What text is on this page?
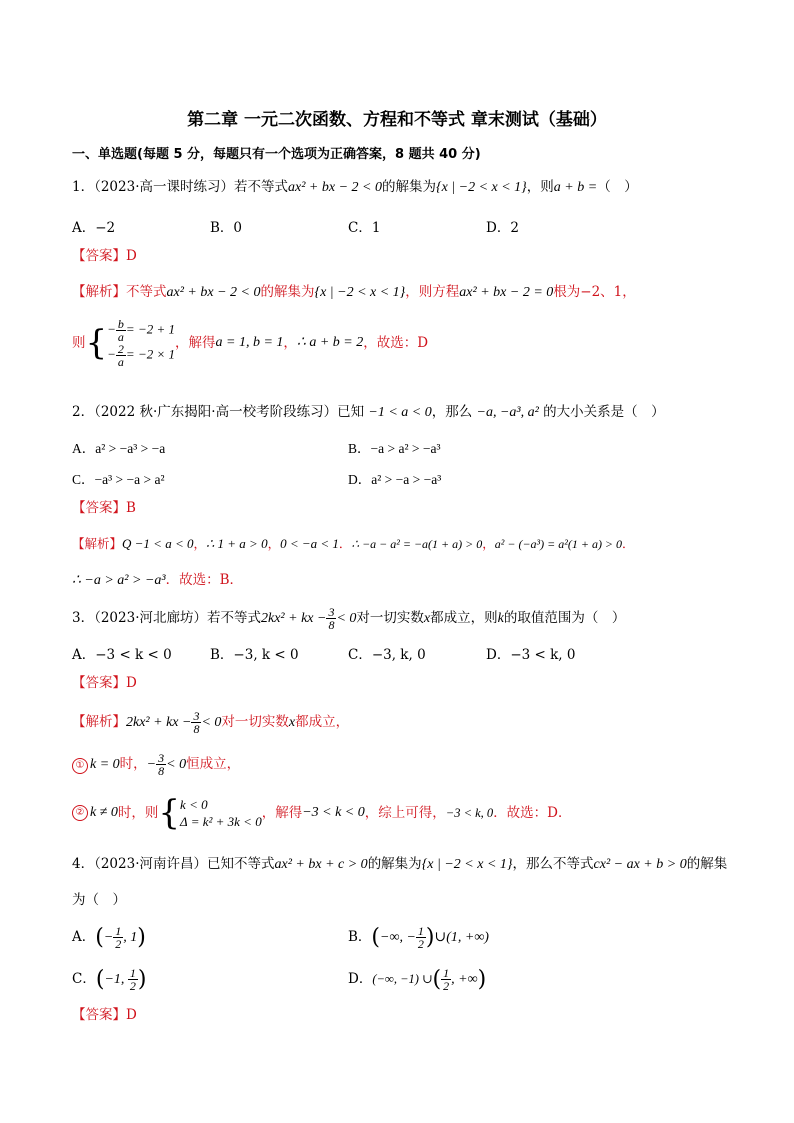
第二章 一元二次函数、方程和不等式 章末测试（基础）
一、单选题(每题 5 分，每题只有一个选项为正确答案，8 题共 40 分)
1．（2023·高一课时练习）若不等式ax² + bx − 2 < 0的解集为{x | −2 < x < 1}，则a + b =（　）
A．−2	B．0	C．1	D．2
【答案】D
【解析】不等式ax² + bx − 2 < 0的解集为{x | −2 < x < 1}，则方程ax² + bx − 2 = 0根为−2、1，
则{ − $\frac{b}{a} = -2 + 1$
− $\frac{2}{a} = -2 \times 1$
，解得a = 1, b = 1，∴ a + b = 2，故选：D
2．（2022 秋·广东揭阳·高一校考阶段练习）已知 −1 < a < 0，那么 −a, −a³, a² 的大小关系是（　）
A．a² > −a³ > −a	B．−a > a² > −a³
C．−a³ > −a > a²	D．a² > −a > −a³
【答案】B
【解析】Q −1 < a < 0，∴ 1 + a > 0，0 < −a < 1．∴ −a − a² = −a(1 + a) > 0，a² − (−a³) = a²(1 + a) > 0．
∴ −a > a² > −a³．故选：B．
3．（2023·河北廊坊）若不等式2kx² + kx − $\frac{3}{8} < 0$对一切实数x都成立，则k的取值范围为（　）
A．−3 < k < 0	B．−3, k < 0	C．−3, k, 0	D．−3 < k, 0
【答案】D
【解析】2kx² + kx − $\frac{3}{8} < 0$对一切实数x都成立，
① k = 0时，− $\frac{3}{8} < 0$恒成立，
② k ≠ 0时，则{ k < 0
Δ = k² + 3k < 0
，解得−3 < k < 0，综上可得，−3 < k, 0．故选：D．
4．（2023·河南许昌）已知不等式ax² + bx + c > 0的解集为{x | −2 < x < 1}，那么不等式cx² − ax + b > 0的解集
为（　）
A．(− $\frac{1}{2}$ , 1)	B．(−∞, − $\frac{1}{2}$ )∪(1, +∞)
C．(−1, $\frac{1}{2}$ )	D．(−∞, −1) ∪( $\frac{1}{2}$ , +∞)
【答案】D
